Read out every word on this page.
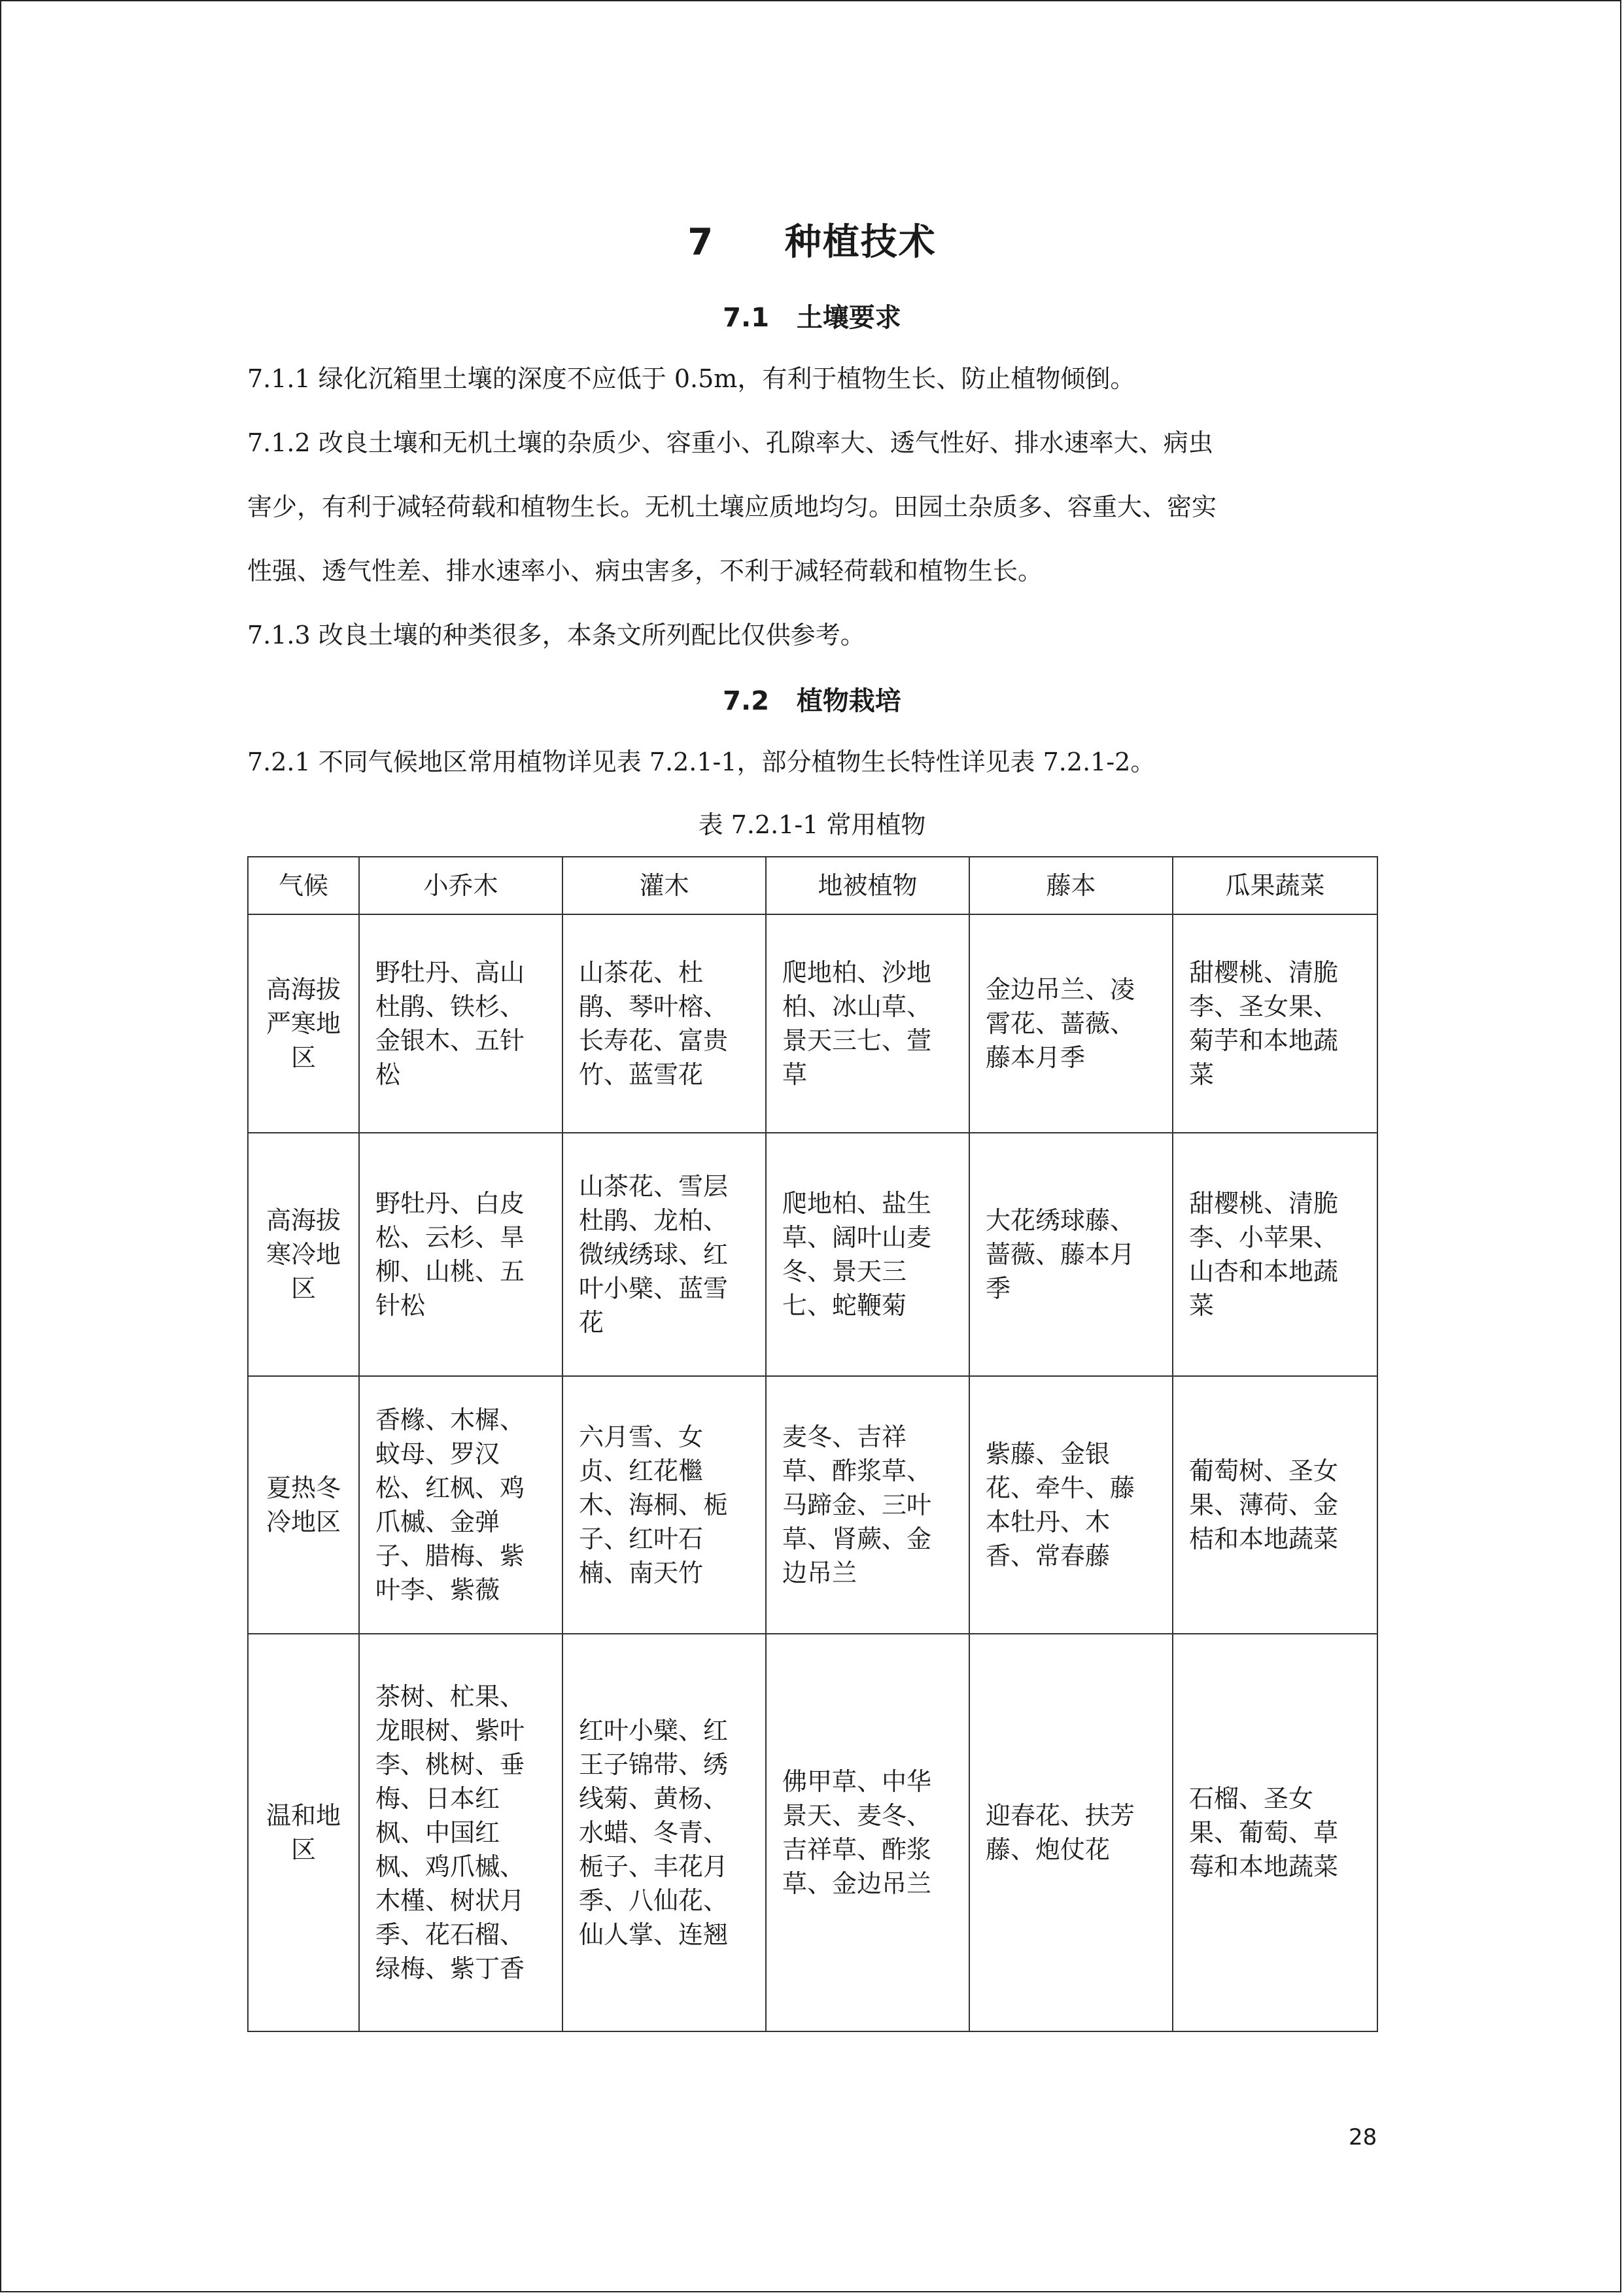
7 种植技术
7.1 土壤要求
7.1.1 绿化沉箱里土壤的深度不应低于 0.5m，有利于植物生长、防止植物倾倒。
7.1.2 改良土壤和无机土壤的杂质少、容重小、孔隙率大、透气性好、排水速率大、病虫
害少，有利于减轻荷载和植物生长。无机土壤应质地均匀。田园土杂质多、容重大、密实
性强、透气性差、排水速率小、病虫害多，不利于减轻荷载和植物生长。
7.1.3 改良土壤的种类很多，本条文所列配比仅供参考。
7.2 植物栽培
7.2.1 不同气候地区常用植物详见表 7.2.1-1，部分植物生长特性详见表 7.2.1-2。
表 7.2.1-1 常用植物
气候	小乔木	灌木	地被植物	藤本	瓜果蔬菜
高海拔严寒地区	野牡丹、高山杜鹃、铁杉、金银木、五针松	山茶花、杜鹃、琴叶榕、长寿花、富贵竹、蓝雪花	爬地柏、沙地柏、冰山草、景天三七、萱草	金边吊兰、凌霄花、蔷薇、藤本月季	甜樱桃、清脆李、圣女果、菊芋和本地蔬菜
高海拔寒冷地区	野牡丹、白皮松、云杉、旱柳、山桃、五针松	山茶花、雪层杜鹃、龙柏、微绒绣球、红叶小檗、蓝雪花	爬地柏、盐生草、阔叶山麦冬、景天三七、蛇鞭菊	大花绣球藤、蔷薇、藤本月季	甜樱桃、清脆李、小苹果、山杏和本地蔬菜
夏热冬冷地区	香橼、木樨、蚊母、罗汉松、红枫、鸡爪槭、金弹子、腊梅、紫叶李、紫薇	六月雪、女贞、红花檵木、海桐、栀子、红叶石楠、南天竹	麦冬、吉祥草、酢浆草、马蹄金、三叶草、肾蕨、金边吊兰	紫藤、金银花、牵牛、藤本牡丹、木香、常春藤	葡萄树、圣女果、薄荷、金桔和本地蔬菜
温和地区	茶树、杧果、龙眼树、紫叶李、桃树、垂梅、日本红枫、中国红枫、鸡爪槭、木槿、树状月季、花石榴、绿梅、紫丁香	红叶小檗、红王子锦带、绣线菊、黄杨、水蜡、冬青、栀子、丰花月季、八仙花、仙人掌、连翘	佛甲草、中华景天、麦冬、吉祥草、酢浆草、金边吊兰	迎春花、扶芳藤、炮仗花	石榴、圣女果、葡萄、草莓和本地蔬菜
28
